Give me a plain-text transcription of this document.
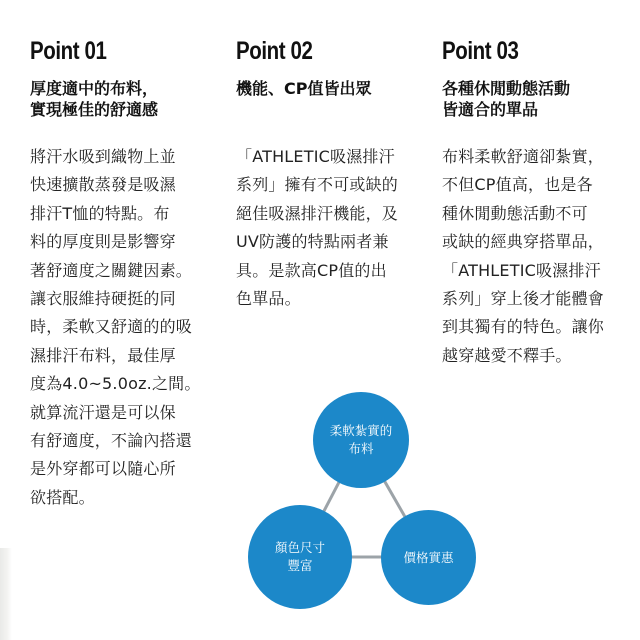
Point 01
厚度適中的布料，
實現極佳的舒適感
將汗水吸到織物上並
快速擴散蒸發是吸濕
排汗T恤的特點。布
料的厚度則是影響穿
著舒適度之關鍵因素。
讓衣服維持硬挺的同
時，柔軟又舒適的的吸
濕排汗布料，最佳厚
度為4.0~5.0oz.之間。
就算流汗還是可以保
有舒適度，不論內搭還
是外穿都可以隨心所
欲搭配。
Point 02
機能、CP值皆出眾
「ATHLETIC吸濕排汗
系列」擁有不可或缺的
絕佳吸濕排汗機能，及
UV防護的特點兩者兼
具。是款高CP值的出
色單品。
Point 03
各種休閒動態活動
皆適合的單品
布料柔軟舒適卻紮實，
不但CP值高，也是各
種休閒動態活動不可
或缺的經典穿搭單品，
「ATHLETIC吸濕排汗
系列」穿上後才能體會
到其獨有的特色。讓你
越穿越愛不釋手。
柔軟紮實的
布料
顏色尺寸
豐富
價格實惠
